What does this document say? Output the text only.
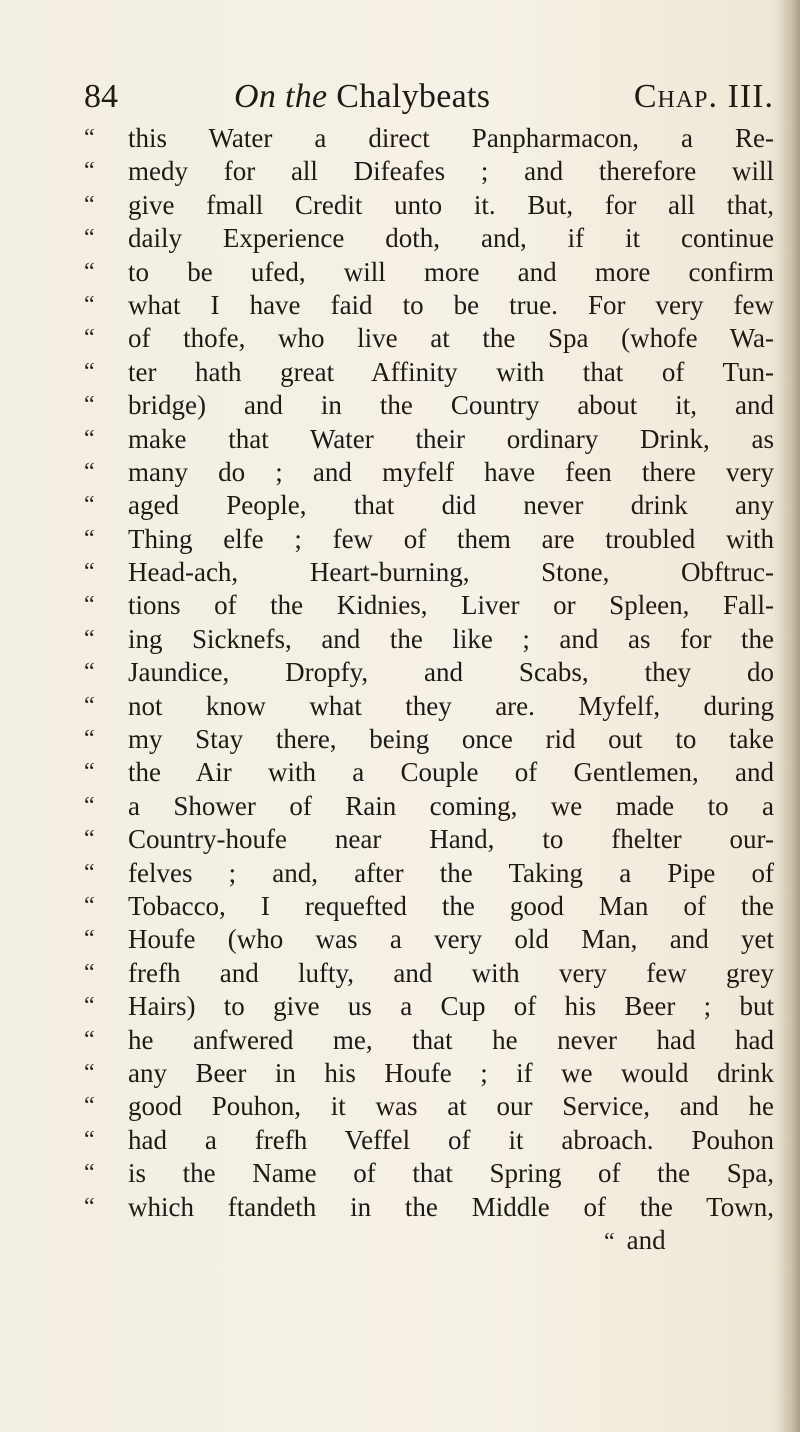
84	On the Chalybeats	Chap. III.
“	this Water a direct Panpharmacon, a Re-
“	medy for all Difeafes ; and therefore will
“	give fmall Credit unto it. But, for all that,
“	daily Experience doth, and, if it continue
“	to be ufed, will more and more confirm
“	what I have faid to be true. For very few
“	of thofe, who live at the Spa (whofe Wa-
“	ter hath great Affinity with that of Tun-
“	bridge) and in the Country about it, and
“	make that Water their ordinary Drink, as
“	many do ; and myfelf have feen there very
“	aged People, that did never drink any
“	Thing elfe ; few of them are troubled with
“	Head-ach, Heart-burning, Stone, Obftruc-
“	tions of the Kidnies, Liver or Spleen, Fall-
“	ing Sicknefs, and the like ; and as for the
“	Jaundice, Dropfy, and Scabs, they do
“	not know what they are. Myfelf, during
“	my Stay there, being once rid out to take
“	the Air with a Couple of Gentlemen, and
“	a Shower of Rain coming, we made to a
“	Country-houfe near Hand, to fhelter our-
“	felves ; and, after the Taking a Pipe of
“	Tobacco, I requefted the good Man of the
“	Houfe (who was a very old Man, and yet
“	frefh and lufty, and with very few grey
“	Hairs) to give us a Cup of his Beer ; but
“	he anfwered me, that he never had had
“	any Beer in his Houfe ; if we would drink
“	good Pouhon, it was at our Service, and he
“	had a frefh Veffel of it abroach. Pouhon
“	is the Name of that Spring of the Spa,
“	which ftandeth in the Middle of the Town,
“ and
